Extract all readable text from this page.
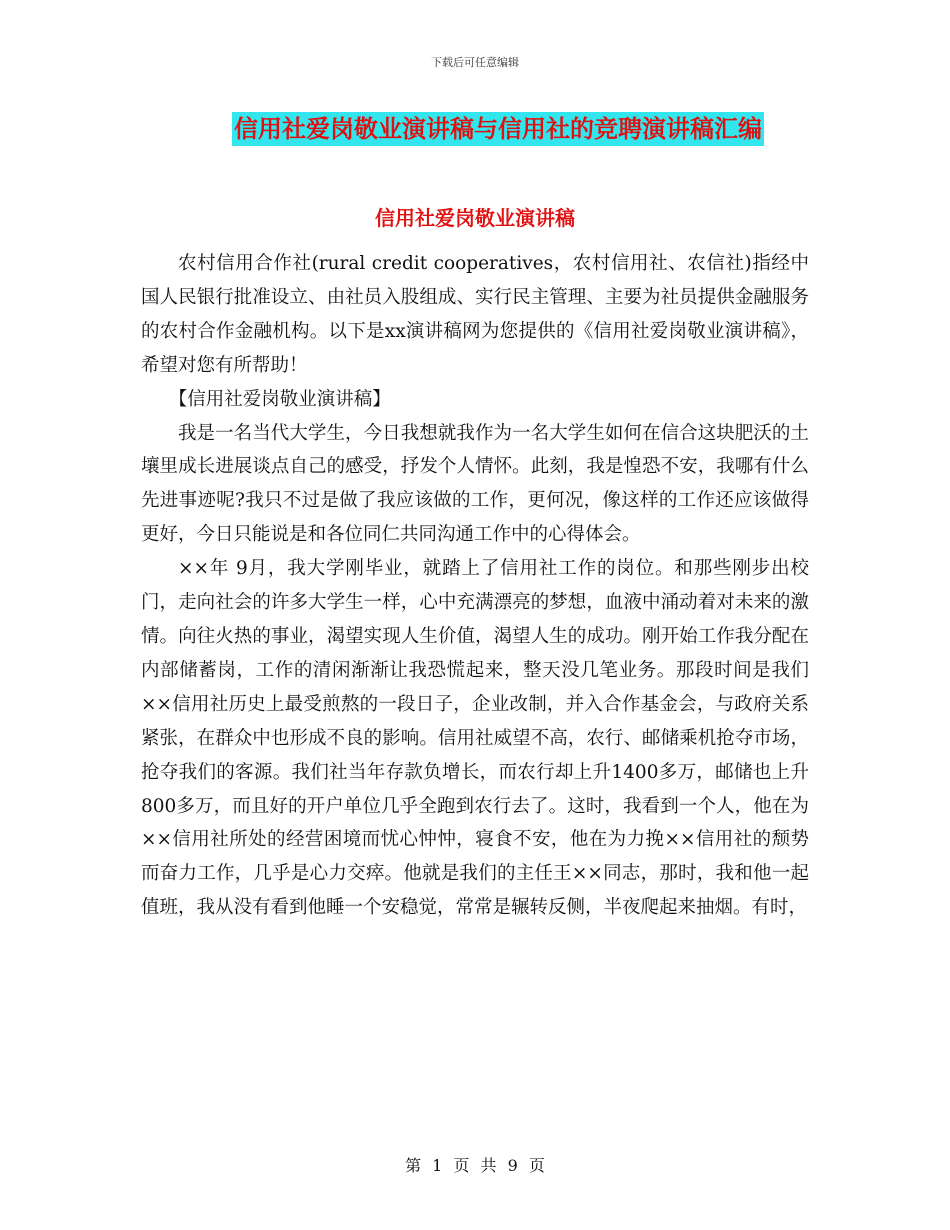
下载后可任意编辑
信用社爱岗敬业演讲稿与信用社的竞聘演讲稿汇编
信用社爱岗敬业演讲稿

农村信用合作社(rural credit cooperatives，农村信用社、农信社)指经中国人民银行批准设立、由社员入股组成、实行民主管理、主要为社员提供金融服务的农村合作金融机构。以下是xx演讲稿网为您提供的《信用社爱岗敬业演讲稿》，希望对您有所帮助！

【信用社爱岗敬业演讲稿】

我是一名当代大学生，今日我想就我作为一名大学生如何在信合这块肥沃的土壤里成长进展谈点自己的感受，抒发个人情怀。此刻，我是惶恐不安，我哪有什么先进事迹呢?我只不过是做了我应该做的工作，更何况，像这样的工作还应该做得更好，今日只能说是和各位同仁共同沟通工作中的心得体会。

××年 9月，我大学刚毕业，就踏上了信用社工作的岗位。和那些刚步出校门，走向社会的许多大学生一样，心中充满漂亮的梦想，血液中涌动着对未来的激情。向往火热的事业，渴望实现人生价值，渴望人生的成功。刚开始工作我分配在内部储蓄岗，工作的清闲渐渐让我恐慌起来，整天没几笔业务。那段时间是我们××信用社历史上最受煎熬的一段日子，企业改制，并入合作基金会，与政府关系紧张，在群众中也形成不良的影响。信用社威望不高，农行、邮储乘机抢夺市场，抢夺我们的客源。我们社当年存款负增长，而农行却上升1400多万，邮储也上升800多万，而且好的开户单位几乎全跑到农行去了。这时，我看到一个人，他在为××信用社所处的经营困境而忧心忡忡，寝食不安，他在为力挽××信用社的颓势而奋力工作，几乎是心力交瘁。他就是我们的主任王××同志，那时，我和他一起值班，我从没有看到他睡一个安稳觉，常常是辗转反侧，半夜爬起来抽烟。有时，

第 1 页 共 9 页
